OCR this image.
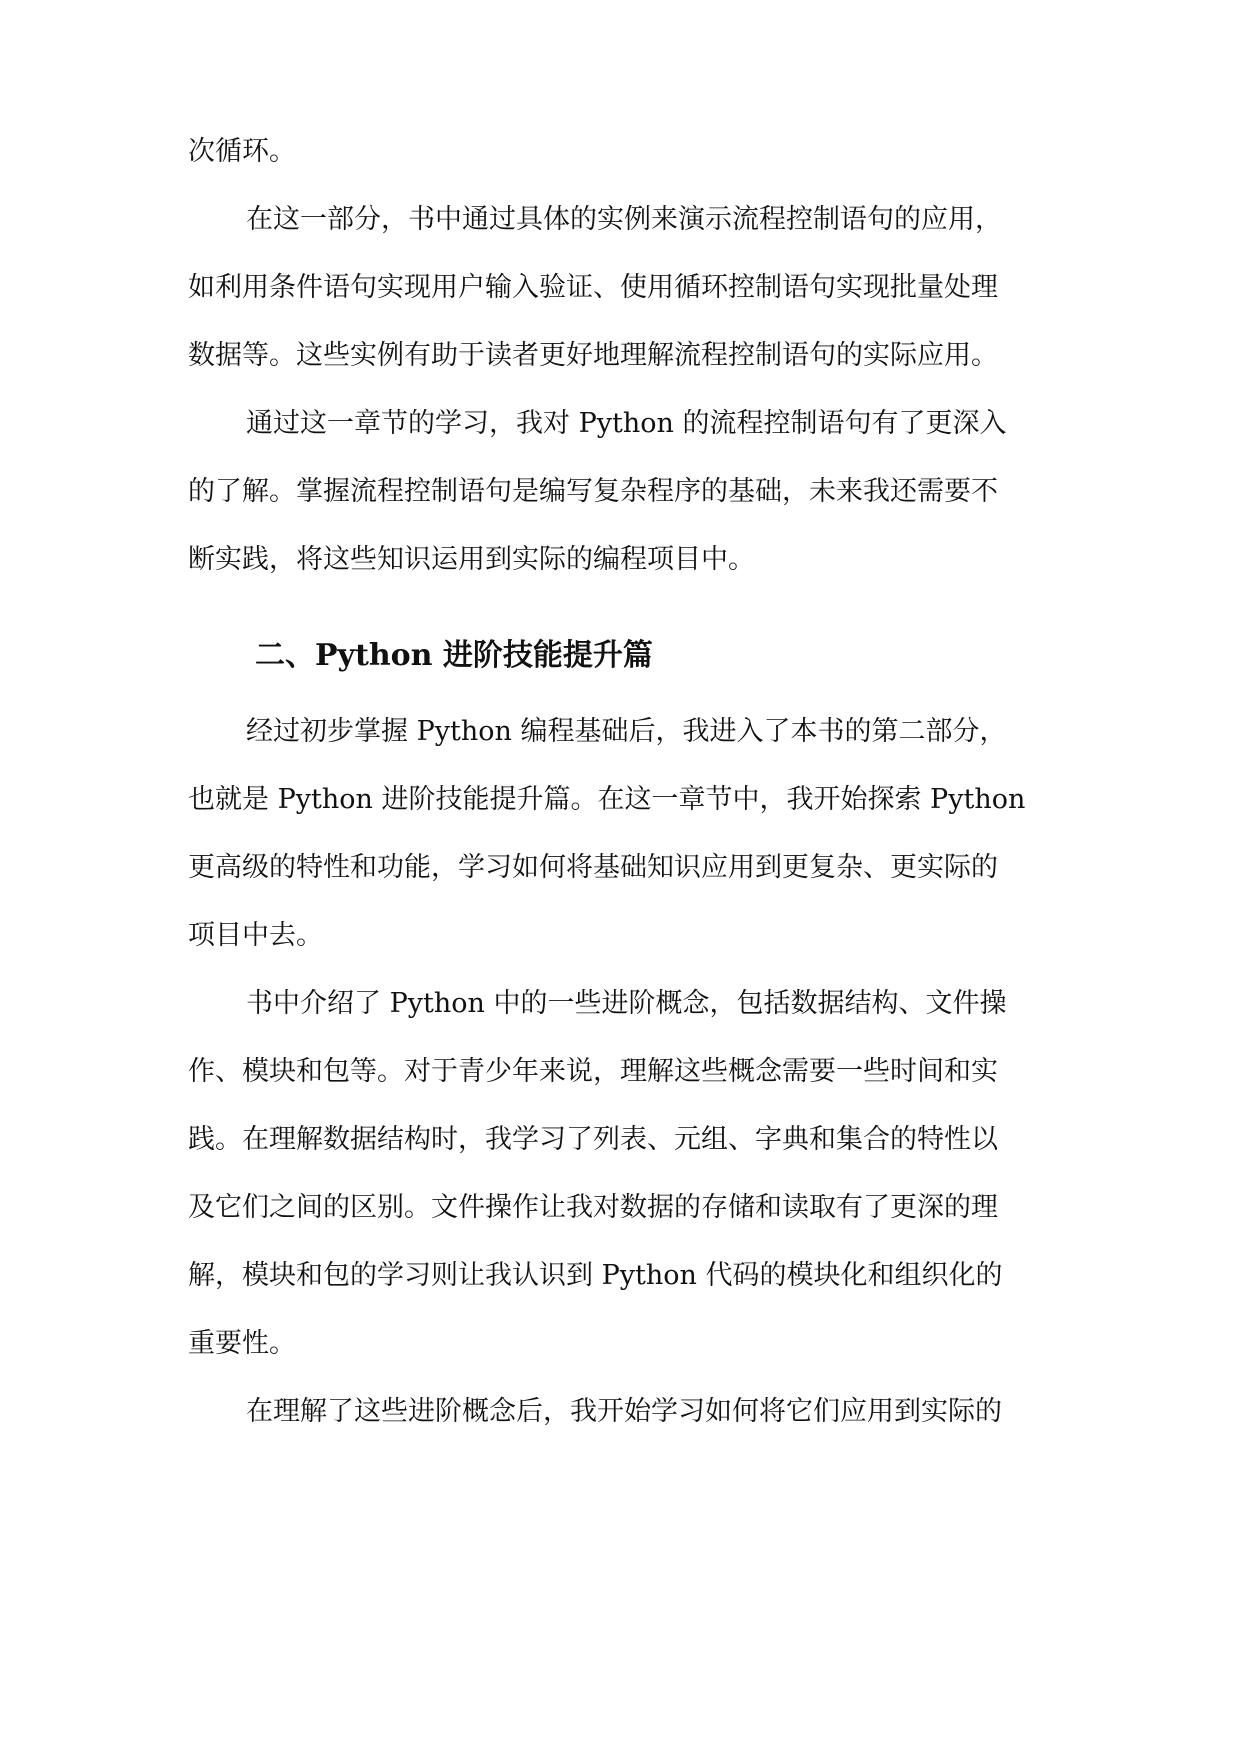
次循环。
在这一部分，书中通过具体的实例来演示流程控制语句的应用，
如利用条件语句实现用户输入验证、使用循环控制语句实现批量处理
数据等。这些实例有助于读者更好地理解流程控制语句的实际应用。
通过这一章节的学习，我对 Python 的流程控制语句有了更深入
的了解。掌握流程控制语句是编写复杂程序的基础，未来我还需要不
断实践，将这些知识运用到实际的编程项目中。
二、Python 进阶技能提升篇
经过初步掌握 Python 编程基础后，我进入了本书的第二部分，
也就是 Python 进阶技能提升篇。在这一章节中，我开始探索 Python
更高级的特性和功能，学习如何将基础知识应用到更复杂、更实际的
项目中去。
书中介绍了 Python 中的一些进阶概念，包括数据结构、文件操
作、模块和包等。对于青少年来说，理解这些概念需要一些时间和实
践。在理解数据结构时，我学习了列表、元组、字典和集合的特性以
及它们之间的区别。文件操作让我对数据的存储和读取有了更深的理
解，模块和包的学习则让我认识到 Python 代码的模块化和组织化的
重要性。
在理解了这些进阶概念后，我开始学习如何将它们应用到实际的
